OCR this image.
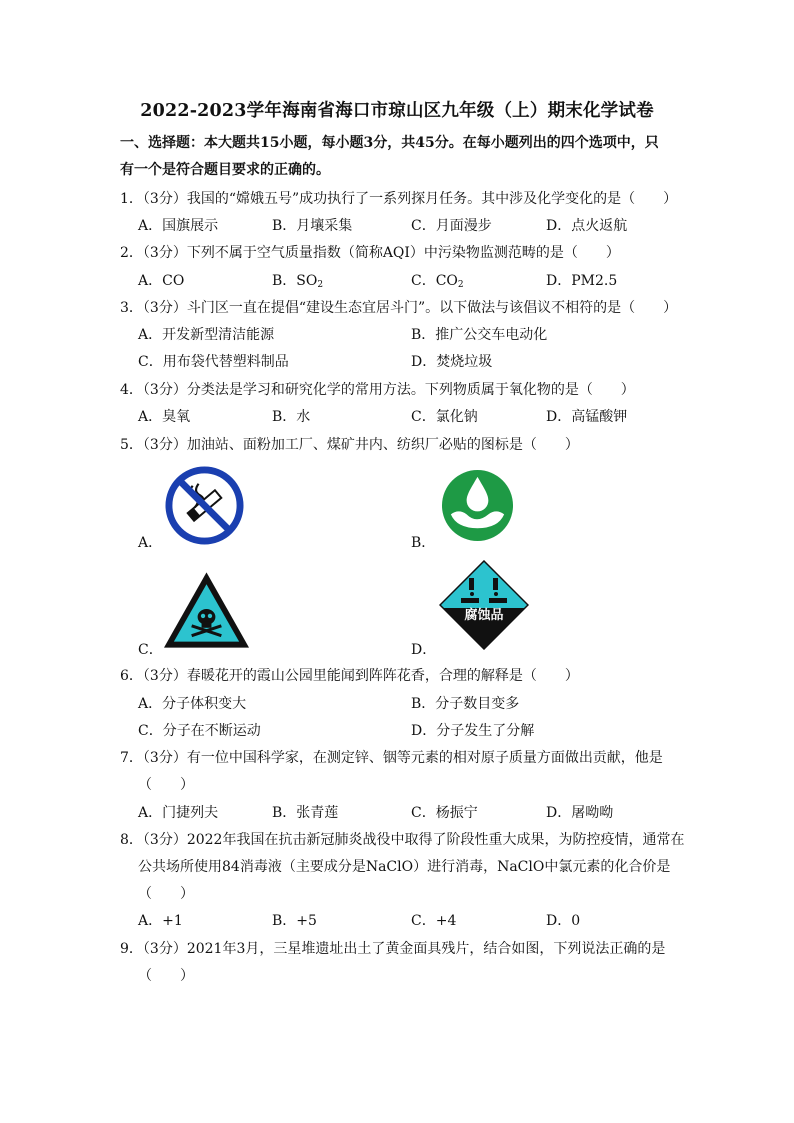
2022-2023学年海南省海口市琼山区九年级（上）期末化学试卷
一、选择题：本大题共15小题，每小题3分，共45分。在每小题列出的四个选项中，只
有一个是符合题目要求的正确的。
1．（3分）我国的“嫦娥五号”成功执行了一系列探月任务。其中涉及化学变化的是（　　）
A．国旗展示	B．月壤采集	C．月面漫步	D．点火返航
2．（3分）下列不属于空气质量指数（简称AQI）中污染物监测范畴的是（　　）
A．CO	B．$SO_2$	C．$CO_2$	D．PM2.5
3．（3分）斗门区一直在提倡“建设生态宜居斗门”。以下做法与该倡议不相符的是（　　）
A．开发新型清洁能源	B．推广公交车电动化
C．用布袋代替塑料制品	D．焚烧垃圾
4．（3分）分类法是学习和研究化学的常用方法。下列物质属于氧化物的是（　　）
A．臭氧	B．水	C．氯化钠	D．高锰酸钾
5．（3分）加油站、面粉加工厂、煤矿井内、纺织厂必贴的图标是（　　）
A．	B．
C．
腐蚀品
D．
6．（3分）春暖花开的霞山公园里能闻到阵阵花香，合理的解释是（　　）
A．分子体积变大	B．分子数目变多
C．分子在不断运动	D．分子发生了分解
7．（3分）有一位中国科学家，在测定锌、铟等元素的相对原子质量方面做出贡献，他是
（　　）
A．门捷列夫	B．张青莲	C．杨振宁	D．屠呦呦
8．（3分）2022年我国在抗击新冠肺炎战役中取得了阶段性重大成果，为防控疫情，通常在
公共场所使用84消毒液（主要成分是NaClO）进行消毒，NaClO中氯元素的化合价是
（　　）
A．+1	B．+5	C．+4	D．0
9．（3分）2021年3月，三星堆遗址出土了黄金面具残片，结合如图，下列说法正确的是
（　　）
